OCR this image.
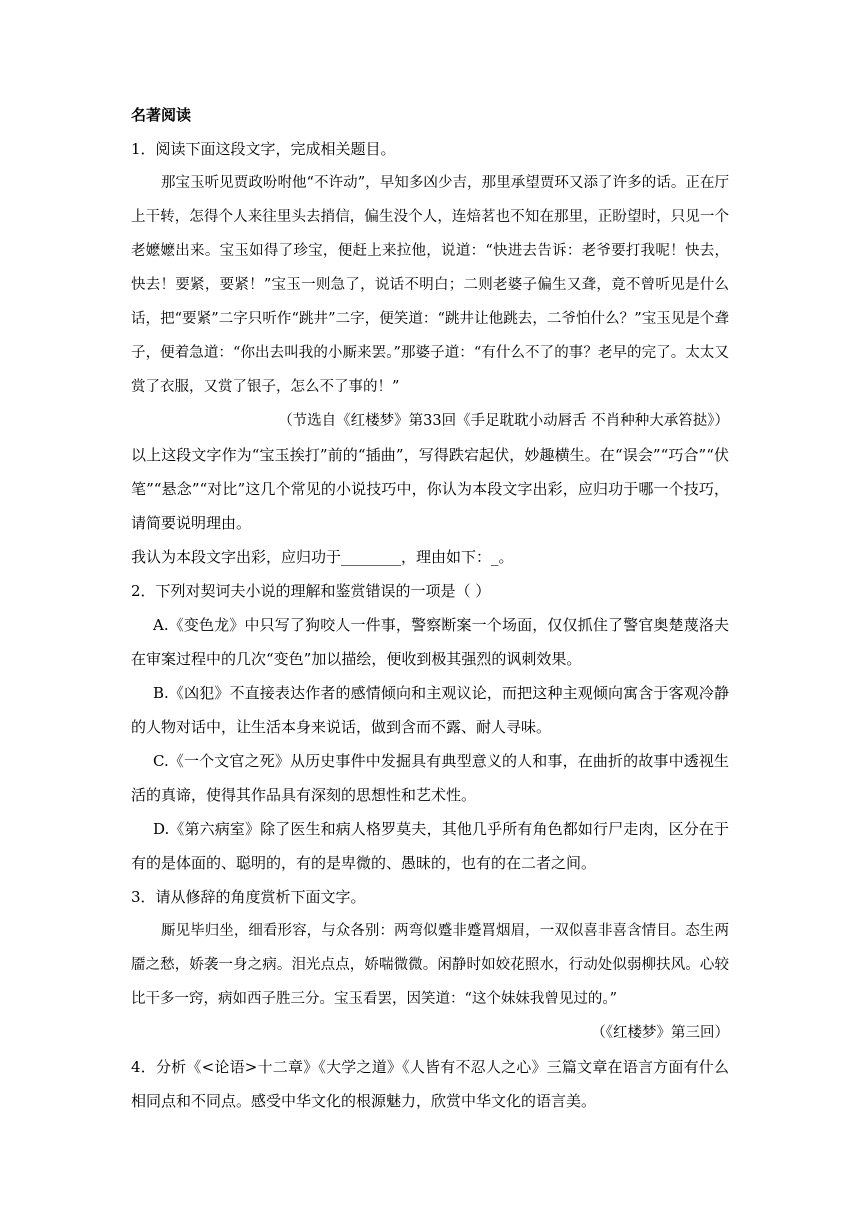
名著阅读

1．阅读下面这段文字，完成相关题目。

那宝玉听见贾政吩咐他“不许动”，早知多凶少吉，那里承望贾环又添了许多的话。正在厅上干转，怎得个人来往里头去捎信，偏生没个人，连焙茗也不知在那里，正盼望时，只见一个老嬷嬷出来。宝玉如得了珍宝，便赶上来拉他，说道：“快进去告诉：老爷要打我呢！快去，快去！要紧，要紧！”宝玉一则急了，说话不明白；二则老婆子偏生又聋，竟不曾听见是什么话，把“要紧”二字只听作“跳井”二字，便笑道：“跳井让他跳去，二爷怕什么？”宝玉见是个聋子，便着急道：“你出去叫我的小厮来罢。”那婆子道：“有什么不了的事？老早的完了。太太又赏了衣服，又赏了银子，怎么不了事的！”

（节选自《红楼梦》第33回《手足耽耽小动唇舌 不肖种种大承笞挞》）

以上这段文字作为“宝玉挨打”前的“插曲”，写得跌宕起伏，妙趣横生。在“误会”“巧合”“伏笔”“悬念”“对比”这几个常见的小说技巧中，你认为本段文字出彩，应归功于哪一个技巧，请简要说明理由。

我认为本段文字出彩，应归功于________，理由如下：_。

2．下列对契诃夫小说的理解和鉴赏错误的一项是（ ）

A.《变色龙》中只写了狗咬人一件事，警察断案一个场面，仅仅抓住了警官奥楚蔑洛夫在审案过程中的几次“变色”加以描绘，便收到极其强烈的讽刺效果。

B.《凶犯》不直接表达作者的感情倾向和主观议论，而把这种主观倾向寓含于客观冷静的人物对话中，让生活本身来说话，做到含而不露、耐人寻味。

C.《一个文官之死》从历史事件中发掘具有典型意义的人和事，在曲折的故事中透视生活的真谛，使得其作品具有深刻的思想性和艺术性。

D.《第六病室》除了医生和病人格罗莫夫，其他几乎所有角色都如行尸走肉，区分在于有的是体面的、聪明的，有的是卑微的、愚昧的，也有的在二者之间。

3．请从修辞的角度赏析下面文字。

厮见毕归坐，细看形容，与众各别：两弯似蹙非蹙罥烟眉，一双似喜非喜含情目。态生两靥之愁，娇袭一身之病。泪光点点，娇喘微微。闲静时如姣花照水，行动处似弱柳扶风。心较比干多一窍，病如西子胜三分。宝玉看罢，因笑道：“这个妹妹我曾见过的。”

（《红楼梦》第三回）

4．分析《<论语>十二章》《大学之道》《人皆有不忍人之心》三篇文章在语言方面有什么相同点和不同点。感受中华文化的根源魅力，欣赏中华文化的语言美。
